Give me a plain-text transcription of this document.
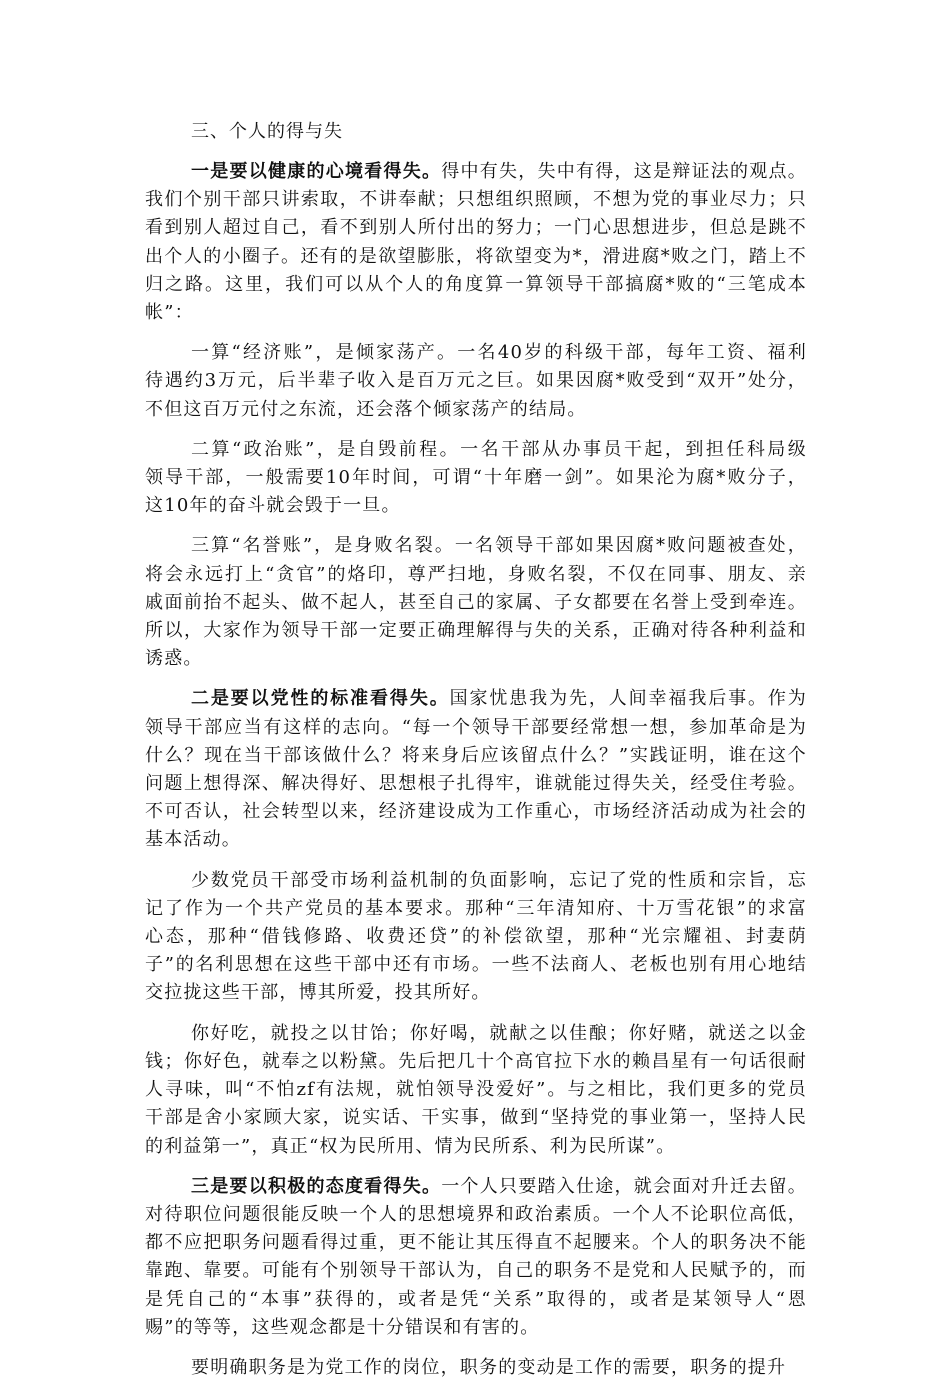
三、个人的得与失
一是要以健康的心境看得失。得中有失，失中有得，这是辩证法的观点。
我们个别干部只讲索取，不讲奉献；只想组织照顾，不想为党的事业尽力；只
看到别人超过自己，看不到别人所付出的努力；一门心思想进步，但总是跳不
出个人的小圈子。还有的是欲望膨胀，将欲望变为*，滑进腐*败之门，踏上不
归之路。这里，我们可以从个人的角度算一算领导干部搞腐*败的“三笔成本
帐”：
一算“经济账”，是倾家荡产。一名40岁的科级干部，每年工资、福利
待遇约3万元，后半辈子收入是百万元之巨。如果因腐*败受到“双开”处分，
不但这百万元付之东流，还会落个倾家荡产的结局。
二算“政治账”，是自毁前程。一名干部从办事员干起，到担任科局级
领导干部，一般需要10年时间，可谓“十年磨一剑”。如果沦为腐*败分子，
这10年的奋斗就会毁于一旦。
三算“名誉账”，是身败名裂。一名领导干部如果因腐*败问题被查处，
将会永远打上“贪官”的烙印，尊严扫地，身败名裂，不仅在同事、朋友、亲
戚面前抬不起头、做不起人，甚至自己的家属、子女都要在名誉上受到牵连。
所以，大家作为领导干部一定要正确理解得与失的关系，正确对待各种利益和
诱惑。
二是要以党性的标准看得失。国家忧患我为先，人间幸福我后事。作为
领导干部应当有这样的志向。“每一个领导干部要经常想一想，参加革命是为
什么？现在当干部该做什么？将来身后应该留点什么？”实践证明，谁在这个
问题上想得深、解决得好、思想根子扎得牢，谁就能过得失关，经受住考验。
不可否认，社会转型以来，经济建设成为工作重心，市场经济活动成为社会的
基本活动。
少数党员干部受市场利益机制的负面影响，忘记了党的性质和宗旨，忘
记了作为一个共产党员的基本要求。那种“三年清知府、十万雪花银”的求富
心态，那种“借钱修路、收费还贷”的补偿欲望，那种“光宗耀祖、封妻荫
子”的名利思想在这些干部中还有市场。一些不法商人、老板也别有用心地结
交拉拢这些干部，博其所爱，投其所好。
你好吃，就投之以甘饴；你好喝，就献之以佳酿；你好赌，就送之以金
钱；你好色，就奉之以粉黛。先后把几十个高官拉下水的赖昌星有一句话很耐
人寻味，叫“不怕zf有法规，就怕领导没爱好”。与之相比，我们更多的党员
干部是舍小家顾大家，说实话、干实事，做到“坚持党的事业第一，坚持人民
的利益第一”，真正“权为民所用、情为民所系、利为民所谋”。
三是要以积极的态度看得失。一个人只要踏入仕途，就会面对升迁去留。
对待职位问题很能反映一个人的思想境界和政治素质。一个人不论职位高低，
都不应把职务问题看得过重，更不能让其压得直不起腰来。个人的职务决不能
靠跑、靠要。可能有个别领导干部认为，自己的职务不是党和人民赋予的，而
是凭自己的“本事”获得的，或者是凭“关系”取得的，或者是某领导人“恩
赐”的等等，这些观念都是十分错误和有害的。
要明确职务是为党工作的岗位，职务的变动是工作的需要，职务的提升
